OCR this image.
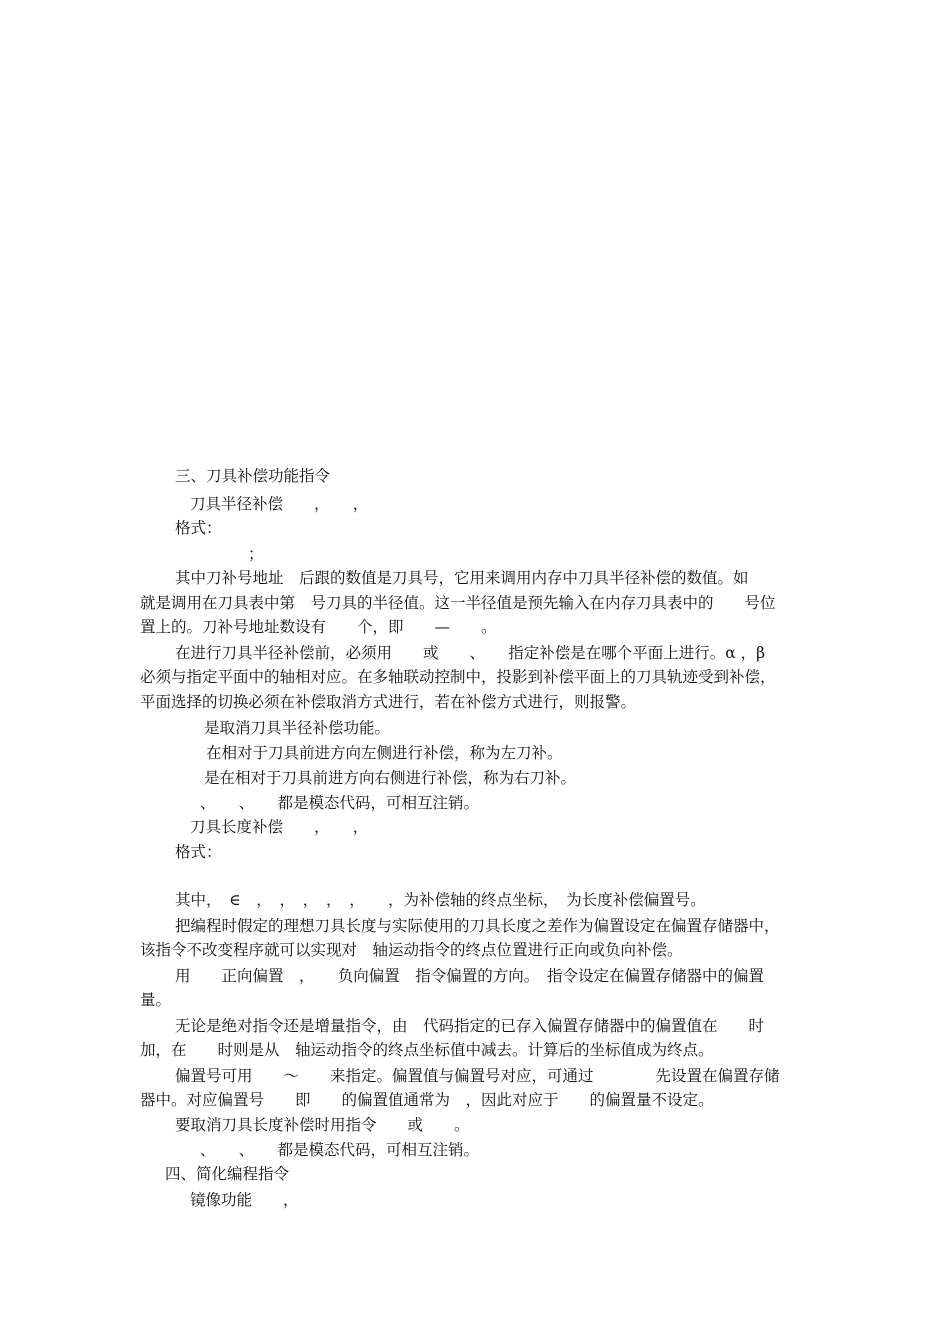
三、刀具补偿功能指令
刀具半径补偿　　，　　，
格式：
；
其中刀补号地址　后跟的数值是刀具号，它用来调用内存中刀具半径补偿的数值。如
就是调用在刀具表中第　号刀具的半径值。这一半径值是预先输入在内存刀具表中的　　号位
置上的。刀补号地址数设有　　个，即　　—　　。
在进行刀具半径补偿前，必须用　　或　　、　　指定补偿是在哪个平面上进行。α ，β
必须与指定平面中的轴相对应。在多轴联动控制中，投影到补偿平面上的刀具轨迹受到补偿，
平面选择的切换必须在补偿取消方式进行，若在补偿方式进行，则报警。
是取消刀具半径补偿功能。
在相对于刀具前进方向左侧进行补偿，称为左刀补。
是在相对于刀具前进方向右侧进行补偿，称为右刀补。
、　　、　　都是模态代码，可相互注销。
刀具长度补偿　　，　　，
格式：
其中，　∈　，　，　，　，　，　　，为补偿轴的终点坐标，　为长度补偿偏置号。
把编程时假定的理想刀具长度与实际使用的刀具长度之差作为偏置设定在偏置存储器中，
该指令不改变程序就可以实现对　轴运动指令的终点位置进行正向或负向补偿。
用　　正向偏置　，　　负向偏置　指令偏置的方向。　指令设定在偏置存储器中的偏置
量。
无论是绝对指令还是增量指令，由　代码指定的已存入偏置存储器中的偏置值在　　时
加，在　　时则是从　轴运动指令的终点坐标值中减去。计算后的坐标值成为终点。
偏置号可用　　～　　来指定。偏置值与偏置号对应，可通过　　　　先设置在偏置存储
器中。对应偏置号　　即　　的偏置值通常为　，因此对应于　　的偏置量不设定。
要取消刀具长度补偿时用指令　　或　　。
、　　、　　都是模态代码，可相互注销。
四、简化编程指令
镜像功能　　，
